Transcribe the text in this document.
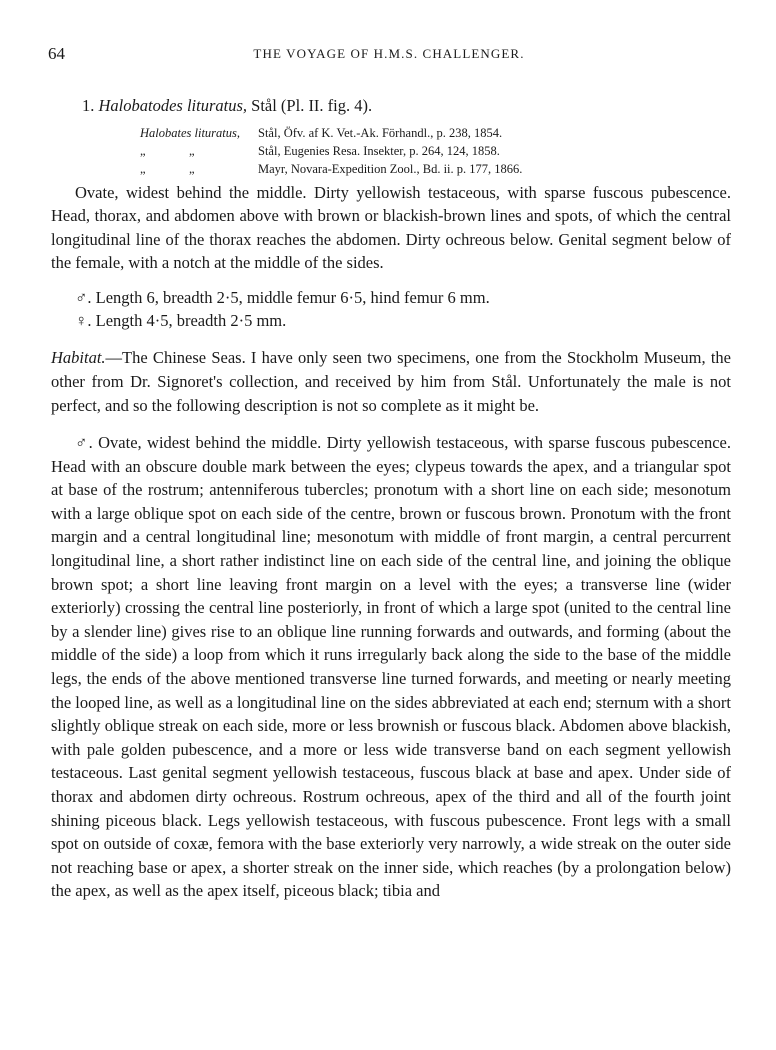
64	THE VOYAGE OF H.M.S. CHALLENGER.
1. Halobatodes lituratus, Stål (Pl. II. fig. 4).
Halobates lituratus,	Stål, Öfv. af K. Vet.-Ak. Förhandl., p. 238, 1854.
„	„	Stål, Eugenies Resa. Insekter, p. 264, 124, 1858.
„	„	Mayr, Novara-Expedition Zool., Bd. ii. p. 177, 1866.

Ovate, widest behind the middle. Dirty yellowish testaceous, with sparse fuscous pubescence. Head, thorax, and abdomen above with brown or blackish-brown lines and spots, of which the central longitudinal line of the thorax reaches the abdomen. Dirty ochreous below. Genital segment below of the female, with a notch at the middle of the sides.

♂. Length 6, breadth 2·5, middle femur 6·5, hind femur 6 mm.

♀. Length 4·5, breadth 2·5 mm.

Habitat.—The Chinese Seas. I have only seen two specimens, one from the Stockholm Museum, the other from Dr. Signoret's collection, and received by him from Stål. Unfortunately the male is not perfect, and so the following description is not so complete as it might be.

♂. Ovate, widest behind the middle. Dirty yellowish testaceous, with sparse fuscous pubescence. Head with an obscure double mark between the eyes; clypeus towards the apex, and a triangular spot at base of the rostrum; antenniferous tubercles; pronotum with a short line on each side; mesonotum with a large oblique spot on each side of the centre, brown or fuscous brown. Pronotum with the front margin and a central longitudinal line; mesonotum with middle of front margin, a central percurrent longitudinal line, a short rather indistinct line on each side of the central line, and joining the oblique brown spot; a short line leaving front margin on a level with the eyes; a transverse line (wider exteriorly) crossing the central line posteriorly, in front of which a large spot (united to the central line by a slender line) gives rise to an oblique line running forwards and outwards, and forming (about the middle of the side) a loop from which it runs irregularly back along the side to the base of the middle legs, the ends of the above mentioned transverse line turned forwards, and meeting or nearly meeting the looped line, as well as a longitudinal line on the sides abbreviated at each end; sternum with a short slightly oblique streak on each side, more or less brownish or fuscous black. Abdomen above blackish, with pale golden pubescence, and a more or less wide transverse band on each segment yellowish testaceous. Last genital segment yellowish testaceous, fuscous black at base and apex. Under side of thorax and abdomen dirty ochreous. Rostrum ochreous, apex of the third and all of the fourth joint shining piceous black. Legs yellowish testaceous, with fuscous pubescence. Front legs with a small spot on outside of coxæ, femora with the base exteriorly very narrowly, a wide streak on the outer side not reaching base or apex, a shorter streak on the inner side, which reaches (by a prolongation below) the apex, as well as the apex itself, piceous black; tibia and
